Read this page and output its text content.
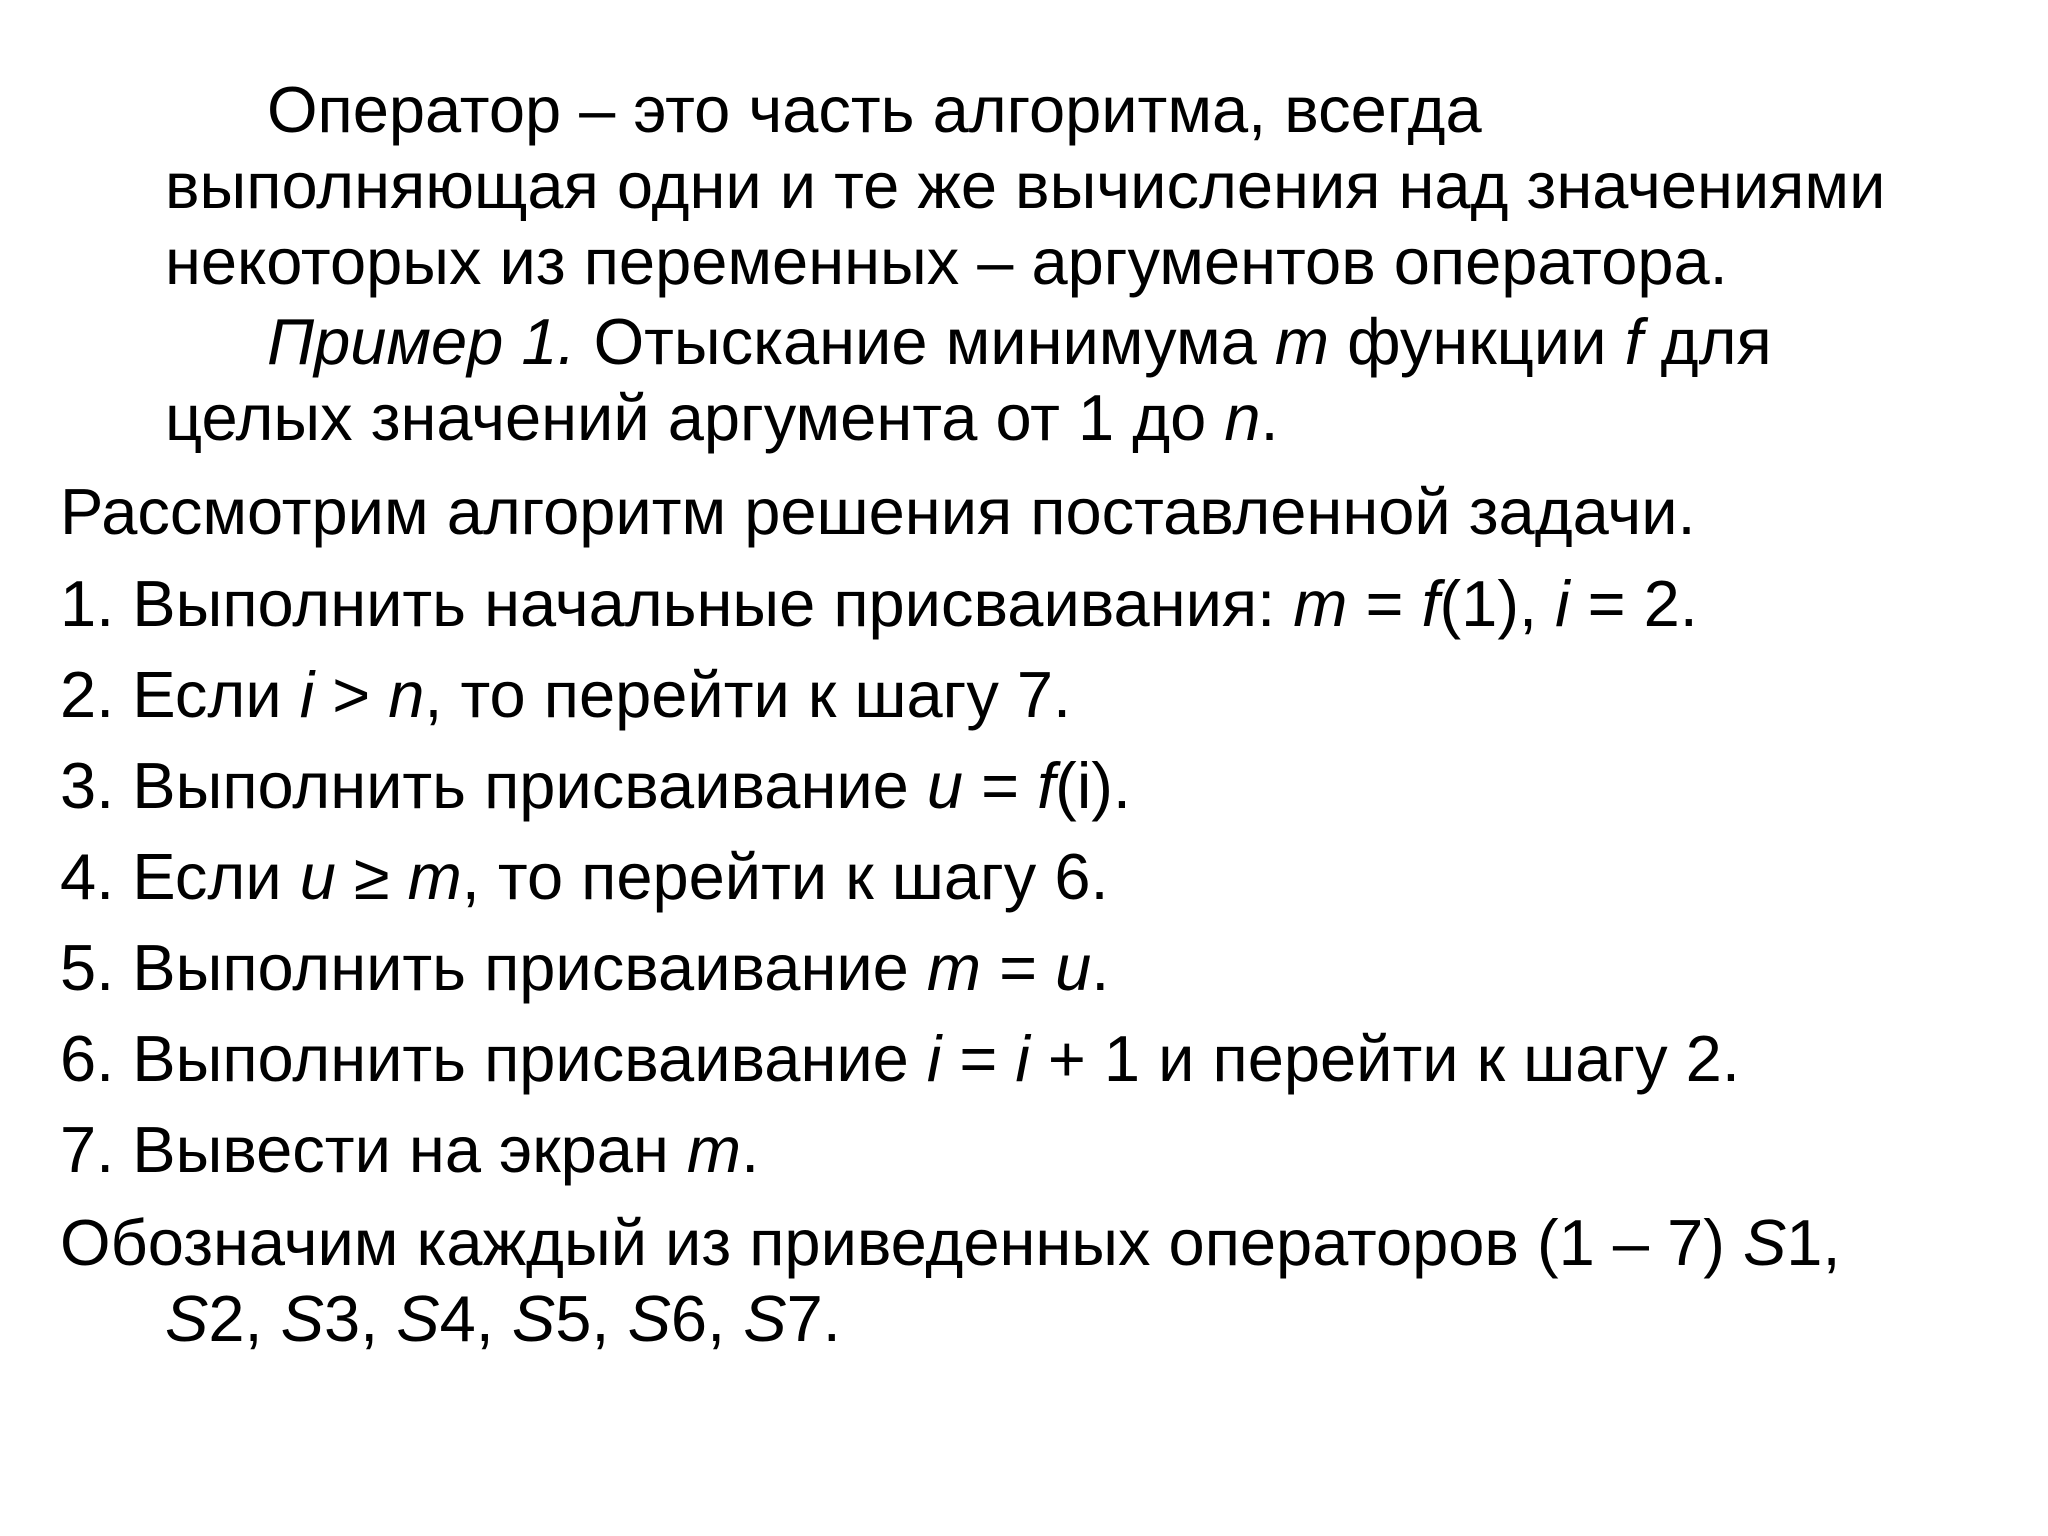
Оператор – это часть алгоритма, всегда
выполняющая одни и те же вычисления над значениями
некоторых из переменных – аргументов оператора.
Пример 1. Отыскание минимума m функции f для
целых значений аргумента от 1 до n.
Рассмотрим алгоритм решения поставленной задачи.
1. Выполнить начальные присваивания: m = f(1), i = 2.
2. Если i > n, то перейти к шагу 7.
3. Выполнить присваивание u = f(i).
4. Если u ≥ m, то перейти к шагу 6.
5. Выполнить присваивание m = u.
6. Выполнить присваивание i = i + 1 и перейти к шагу 2.
7. Вывести на экран m.
Обозначим каждый из приведенных операторов (1 – 7) S1,
S2, S3, S4, S5, S6, S7.
